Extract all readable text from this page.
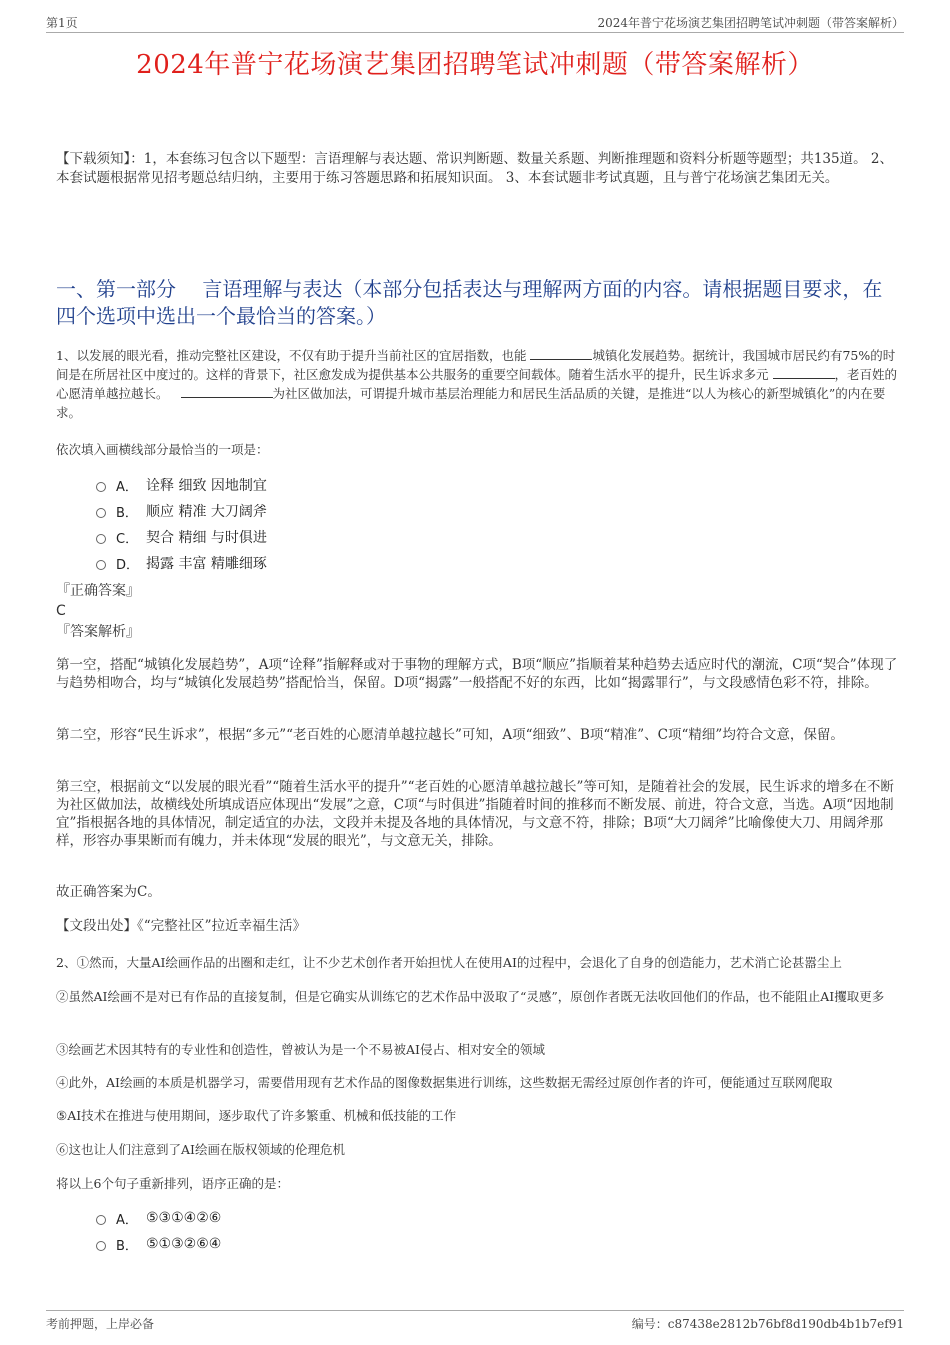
第1页	2024年普宁花场演艺集团招聘笔试冲刺题（带答案解析）
2024年普宁花场演艺集团招聘笔试冲刺题（带答案解析）
【下载须知】：1，本套练习包含以下题型：言语理解与表达题、常识判断题、数量关系题、判断推理题和资料分析题等题型；共135道。 2、本套试题根据常见招考题总结归纳，主要用于练习答题思路和拓展知识面。 3、本套试题非考试真题，且与普宁花场演艺集团无关。
一、第一部分　 言语理解与表达（本部分包括表达与理解两方面的内容。请根据题目要求，在四个选项中选出一个最恰当的答案。）
1、以发展的眼光看，推动完整社区建设，不仅有助于提升当前社区的宜居指数，也能	城镇化发展趋势。据统计，我国城市居民约有75%的时间是在所居社区中度过的。这样的背景下，社区愈发成为提供基本公共服务的重要空间载体。随着生活水平的提升，民生诉求多元	，老百姓的心愿清单越拉越长。	为社区做加法，可谓提升城市基层治理能力和居民生活品质的关键，是推进“以人为核心的新型城镇化”的内在要求。
依次填入画横线部分最恰当的一项是：
A． 诠释 细致 因地制宜
B． 顺应 精准 大刀阔斧
C． 契合 精细 与时俱进
D． 揭露 丰富 精雕细琢
『正确答案』
C
『答案解析』
第一空，搭配“城镇化发展趋势”，A项“诠释”指解释或对于事物的理解方式，B项“顺应”指顺着某种趋势去适应时代的潮流，C项“契合”体现了与趋势相吻合，均与“城镇化发展趋势”搭配恰当，保留。D项“揭露”一般搭配不好的东西，比如“揭露罪行”，与文段感情色彩不符，排除。
第二空，形容“民生诉求”，根据“多元”“老百姓的心愿清单越拉越长”可知，A项“细致”、B项“精准”、C项“精细”均符合文意，保留。
第三空，根据前文“以发展的眼光看”“随着生活水平的提升”“老百姓的心愿清单越拉越长”等可知，是随着社会的发展，民生诉求的增多在不断为社区做加法，故横线处所填成语应体现出“发展”之意，C项“与时俱进”指随着时间的推移而不断发展、前进，符合文意，当选。A项“因地制宜”指根据各地的具体情况，制定适宜的办法，文段并未提及各地的具体情况，与文意不符，排除；B项“大刀阔斧”比喻像使大刀、用阔斧那样，形容办事果断而有魄力，并未体现“发展的眼光”，与文意无关，排除。
故正确答案为C。
【文段出处】《“完整社区”拉近幸福生活》
2、①然而，大量AI绘画作品的出圈和走红，让不少艺术创作者开始担忧人在使用AI的过程中，会退化了自身的创造能力，艺术消亡论甚嚣尘上
②虽然AI绘画不是对已有作品的直接复制，但是它确实从训练它的艺术作品中汲取了“灵感”，原创作者既无法收回他们的作品，也不能阻止AI攫取更多
③绘画艺术因其特有的专业性和创造性，曾被认为是一个不易被AI侵占、相对安全的领域
④此外，AI绘画的本质是机器学习，需要借用现有艺术作品的图像数据集进行训练，这些数据无需经过原创作者的许可，便能通过互联网爬取
⑤AI技术在推进与使用期间，逐步取代了许多繁重、机械和低技能的工作
⑥这也让人们注意到了AI绘画在版权领域的伦理危机
将以上6个句子重新排列，语序正确的是：
A． ⑤③①④②⑥
B． ⑤①③②⑥④
考前押题，上岸必备	编号：c87438e2812b76bf8d190db4b1b7ef91
